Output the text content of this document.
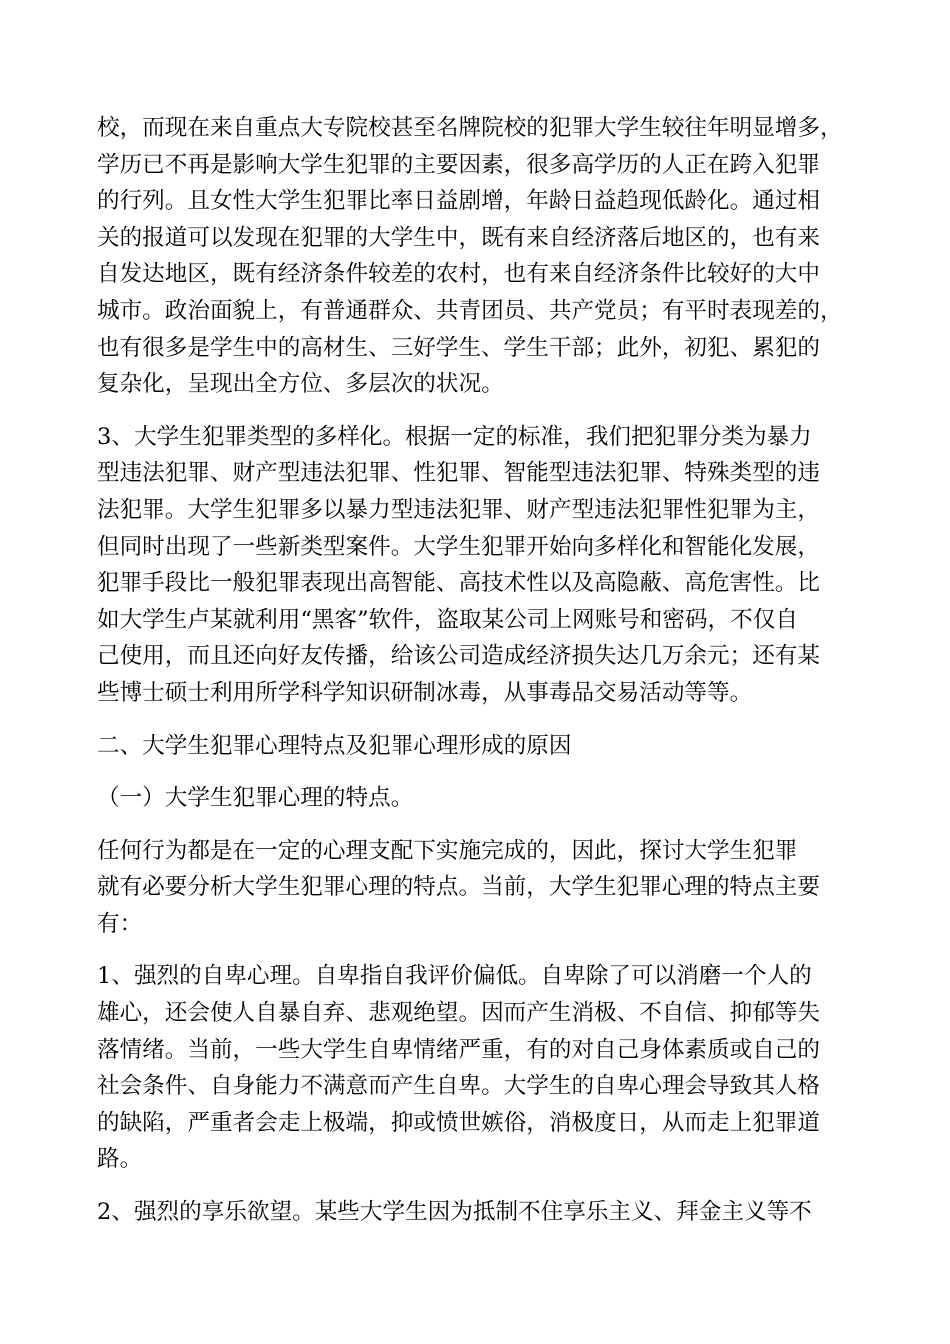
校，而现在来自重点大专院校甚至名牌院校的犯罪大学生较往年明显增多，
学历已不再是影响大学生犯罪的主要因素，很多高学历的人正在跨入犯罪
的行列。且女性大学生犯罪比率日益剧增，年龄日益趋现低龄化。通过相
关的报道可以发现在犯罪的大学生中，既有来自经济落后地区的，也有来
自发达地区，既有经济条件较差的农村，也有来自经济条件比较好的大中
城市。政治面貌上，有普通群众、共青团员、共产党员；有平时表现差的，
也有很多是学生中的高材生、三好学生、学生干部；此外，初犯、累犯的
复杂化，呈现出全方位、多层次的状况。
3、大学生犯罪类型的多样化。根据一定的标准，我们把犯罪分类为暴力
型违法犯罪、财产型违法犯罪、性犯罪、智能型违法犯罪、特殊类型的违
法犯罪。大学生犯罪多以暴力型违法犯罪、财产型违法犯罪性犯罪为主，
但同时出现了一些新类型案件。大学生犯罪开始向多样化和智能化发展，
犯罪手段比一般犯罪表现出高智能、高技术性以及高隐蔽、高危害性。比
如大学生卢某就利用“黑客”软件，盗取某公司上网账号和密码，不仅自
己使用，而且还向好友传播，给该公司造成经济损失达几万余元；还有某
些博士硕士利用所学科学知识研制冰毒，从事毒品交易活动等等。
二、大学生犯罪心理特点及犯罪心理形成的原因
（一）大学生犯罪心理的特点。
任何行为都是在一定的心理支配下实施完成的，因此，探讨大学生犯罪
就有必要分析大学生犯罪心理的特点。当前，大学生犯罪心理的特点主要
有：
1、强烈的自卑心理。自卑指自我评价偏低。自卑除了可以消磨一个人的
雄心，还会使人自暴自弃、悲观绝望。因而产生消极、不自信、抑郁等失
落情绪。当前，一些大学生自卑情绪严重，有的对自己身体素质或自己的
社会条件、自身能力不满意而产生自卑。大学生的自卑心理会导致其人格
的缺陷，严重者会走上极端，抑或愤世嫉俗，消极度日，从而走上犯罪道
路。
2、强烈的享乐欲望。某些大学生因为抵制不住享乐主义、拜金主义等不
